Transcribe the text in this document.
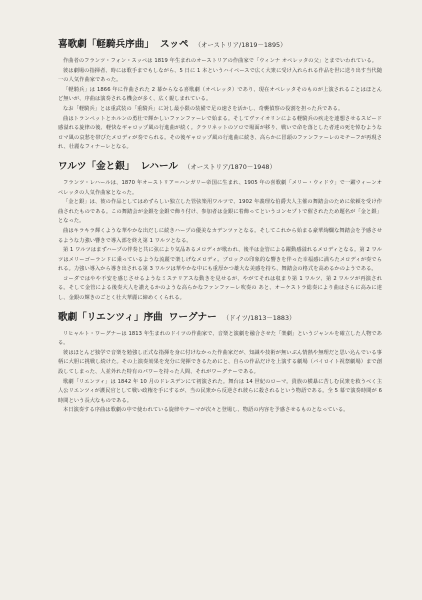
喜歌劇「軽騎兵序曲」 スッペ （オーストリア/1819－1895）

作曲者のフランツ・フォン・スッペは 1819 年生まれのオーストリアの作曲家で「ウィンナ オペレッタの父」とまでいわれている。

彼は劇場の指揮者、時には歌手までもしながら、5 日に 1 本というハイペースで広く大衆に受け入れられる作品を世に送り出す当代随一の人気作曲家であった。

「軽騎兵」は 1866 年に作曲された 2 幕からなる喜歌劇（オペレッタ）であり、現在オペレッタそのものが上演されることはほとんど無いが、序曲は演奏される機会が多く、広く親しまれている。

なお「軽騎兵」とは重武装の「重騎兵」に対し最小限の装備で足の速さを活かし、奇襲偵察の役割を担った兵である。

曲はトランペットとホルンの勇壮で輝かしいファンファーレで始まる。そしてヴァイオリンによる軽騎兵の疾走を連想させるスピード感溢れる旋律の後、軽快なギャロップ風の行進曲が続く。クラリネットのソロで場面が移り、戦いで命を落とした者達の死を悼むようなロマ風の哀愁を帯びたメロディが奏でられる。その後ギャロップ風の行進曲に続き、高らかに冒頭のファンファーレのモチーフが再現され、壮麗なフィナーレとなる。

ワルツ「金と銀」 レハール （オーストリア/1870－1948）

フランツ・レハールは、1870 年オーストリア＝ハンガリー帝国に生まれ、1905 年の喜歌劇「メリー・ウィドウ」で一躍ウィーンオペレッタの人気作曲家となった。

「金と銀」は、彼の作品としてはめずらしい独立した管弦楽用ワルツで、1902 年義理な伯爵夫人主催の舞踏会のために依頼を受け作曲されたものである。この舞踏会が金銀を金銀で飾り付け、参加者は金銀に着飾ってというコンセプトで催されたため題名が「金と銀」となった。

曲はキラキラ輝くような華やかな出だしに続きハープの優美なカデンツァとなる。そしてこれから始まる豪華絢爛な舞踏会を予感させるような力強い響きで導入部を終え第 1 ワルツとなる。

第 1 ワルツはまずハープの伴奏と共に弦により気品あるメロディが歌われ、後半は金管による躍動感溢れるメロディとなる。第 2 ワルツはメリーゴーランドに乗っているような流麗で楽しげなメロディ。ブロックの印象的な響きを伴った幸福感に満ちたメロディが奏でられる。力強い導入から導き出される第 3 ワルツは華やかな中にも重厚かつ雄大な美感を持ち、舞踏会の格式を高めるかのようである。

コーダではやや不安を感じさせるようなミステリアスな動きを見せるが、やがてそれは収まり第 1 ワルツ、第 2 ワルツが再演される。そして金管による後奏大人を讃えるかのような高らかなファンファーレ吹奏の あと、オーケストラ総奏により曲はさらに高みに達し、金銀の輝きのごとく壮大華麗に締めくくられる。

歌劇「リエンツィ」序曲 ワーグナー （ドイツ/1813－1883）

リヒャルト・ワーグナーは 1813 年生まれのドイツの作曲家で、音楽と演劇を融合させた「楽劇」というジャンルを確立した人物である。

彼はほとんど独学で音楽を勉強し正式な指揮を身に付けなかった作曲家だが、知識や技術が無いぶん情熱や無理だと思い込んでいる事柄に大胆に挑戦し続けた。その上演奏効果を充分に発揮できるためにと、自らの作品だけを上演する劇場（バイロイト祝祭劇場）まで創設してしまった、人並外れた特有のパワーを持った人間、それがワーグナーである。

歌劇「リエンツィ」は 1842 年 10 月のドレスデンにて初演された。舞台は 14 世紀のローマ。貴族の横暴に苦しむ民衆を救うべく主人公リエンツィが護民官として戦い政権を手にするが、当の民衆から反逆され彼らに殺されるという物語である。全 5 幕で演奏時間が 6 時間という長大なものである。

本日演奏する序曲は歌劇の中で使われている旋律やテーマが次々と登場し、物語の内容を予感させるものとなっている。
